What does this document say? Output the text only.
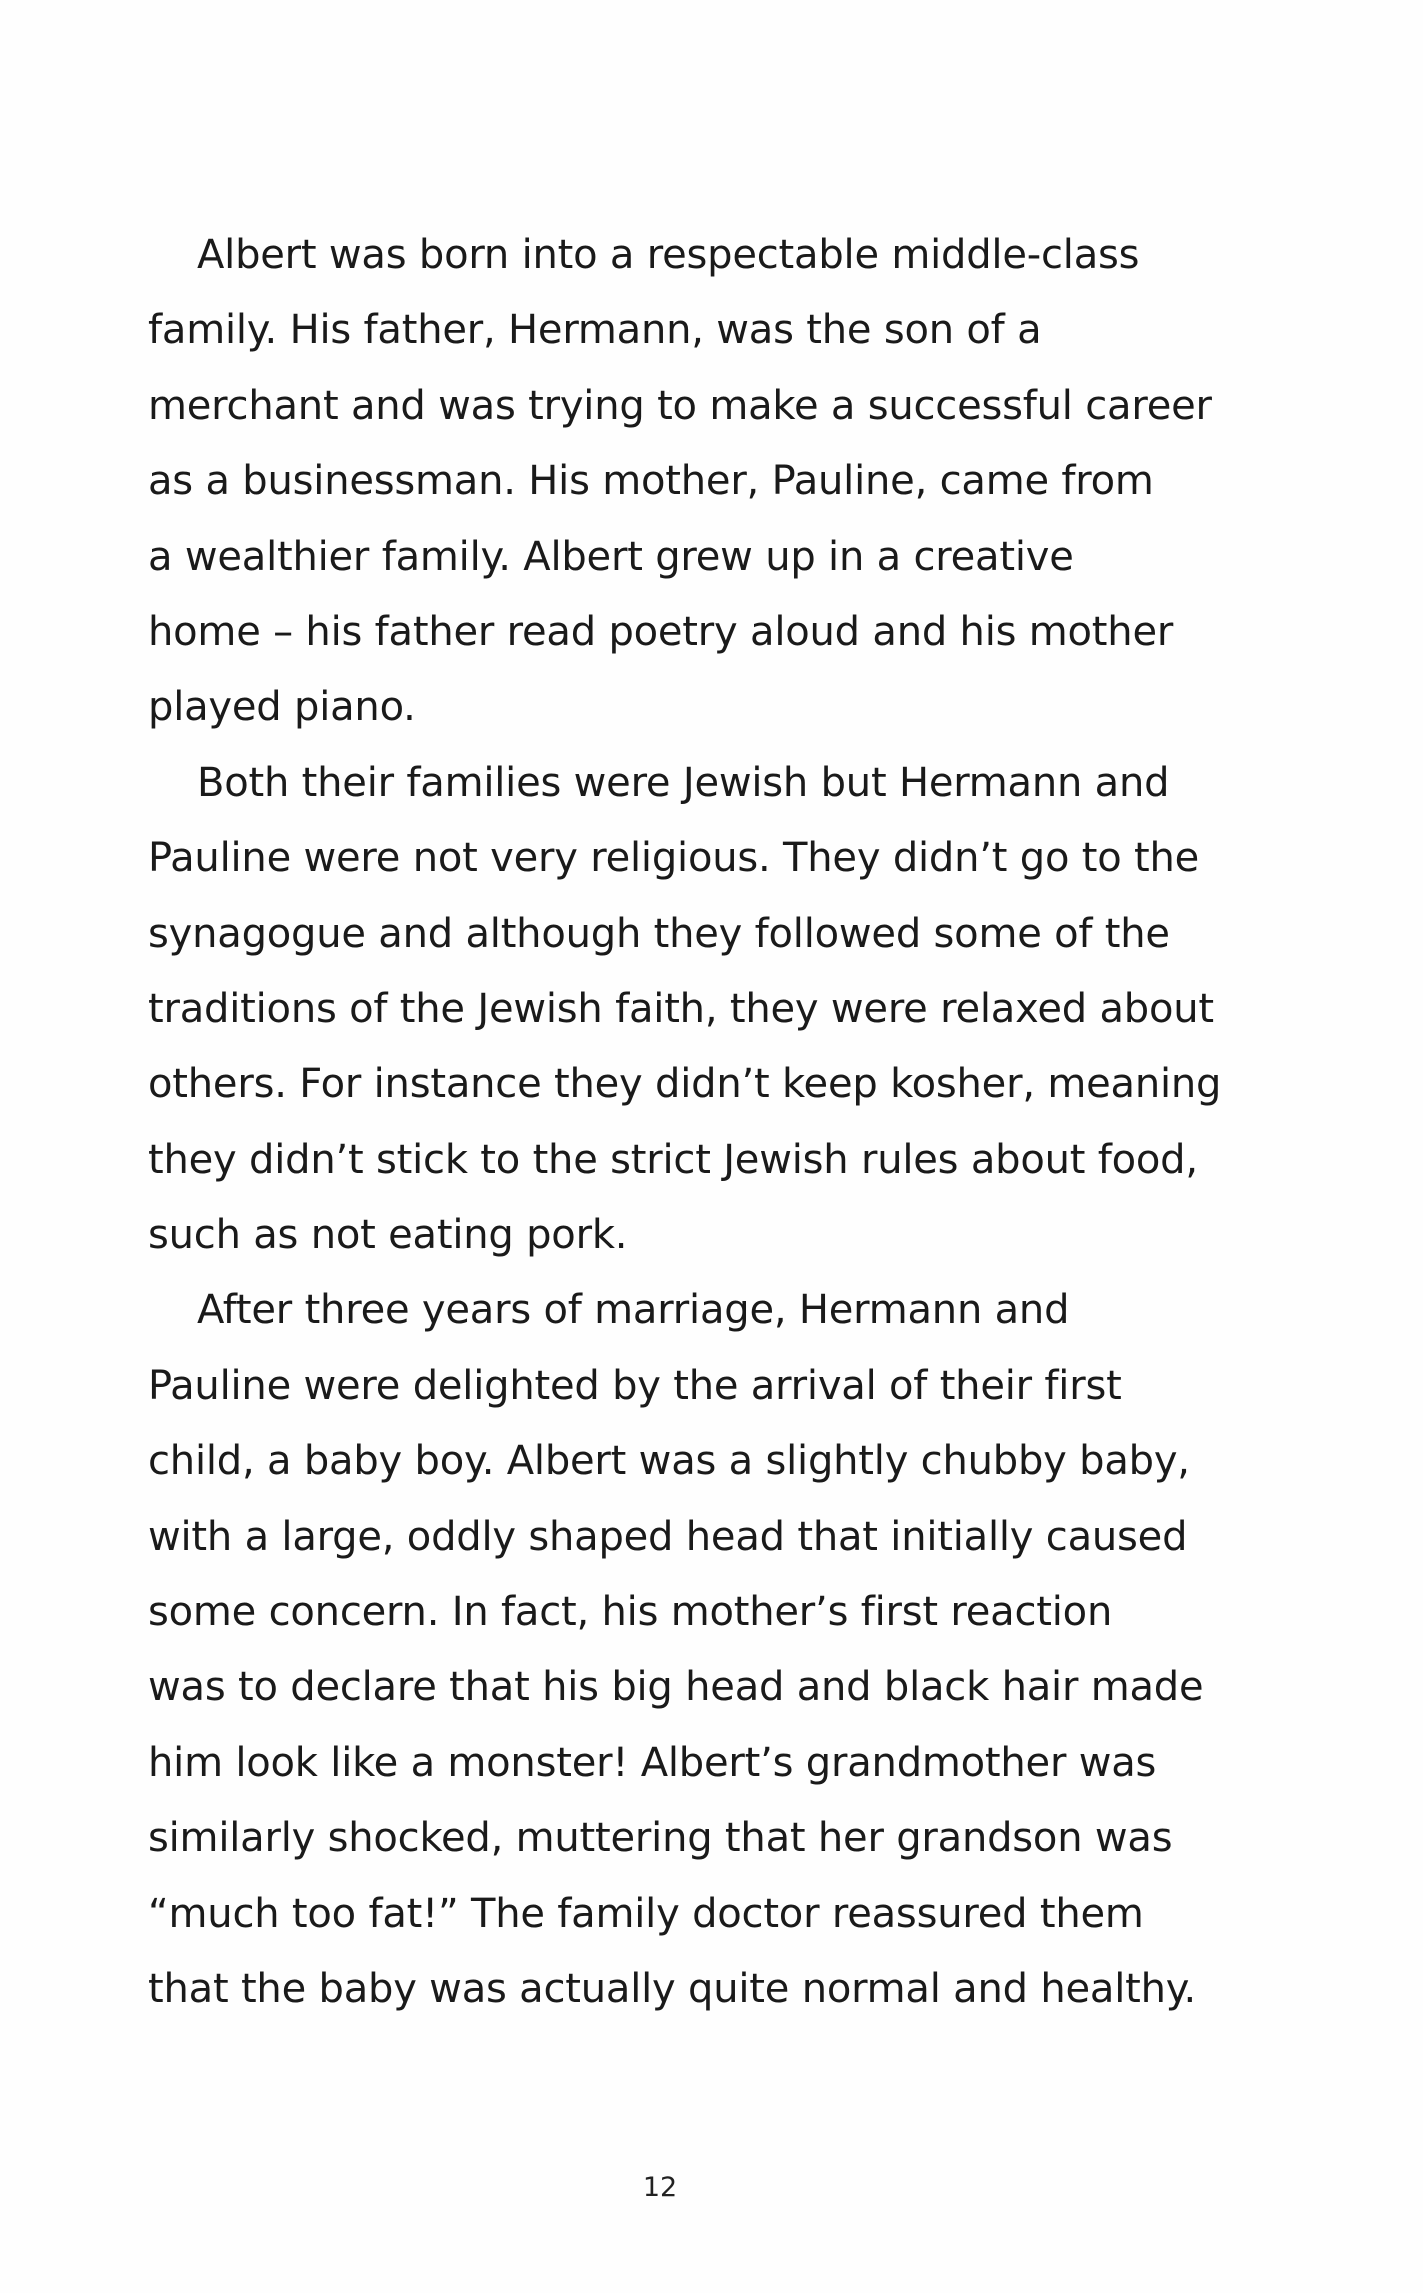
Albert was born into a respectable middle-class
family. His father, Hermann, was the son of a
merchant and was trying to make a successful career
as a businessman. His mother, Pauline, came from
a wealthier family. Albert grew up in a creative
home – his father read poetry aloud and his mother
played piano.
Both their families were Jewish but Hermann and
Pauline were not very religious. They didn’t go to the
synagogue and although they followed some of the
traditions of the Jewish faith, they were relaxed about
others. For instance they didn’t keep kosher, meaning
they didn’t stick to the strict Jewish rules about food,
such as not eating pork.
After three years of marriage, Hermann and
Pauline were delighted by the arrival of their first
child, a baby boy. Albert was a slightly chubby baby,
with a large, oddly shaped head that initially caused
some concern. In fact, his mother’s first reaction
was to declare that his big head and black hair made
him look like a monster! Albert’s grandmother was
similarly shocked, muttering that her grandson was
“much too fat!” The family doctor reassured them
that the baby was actually quite normal and healthy.
12
